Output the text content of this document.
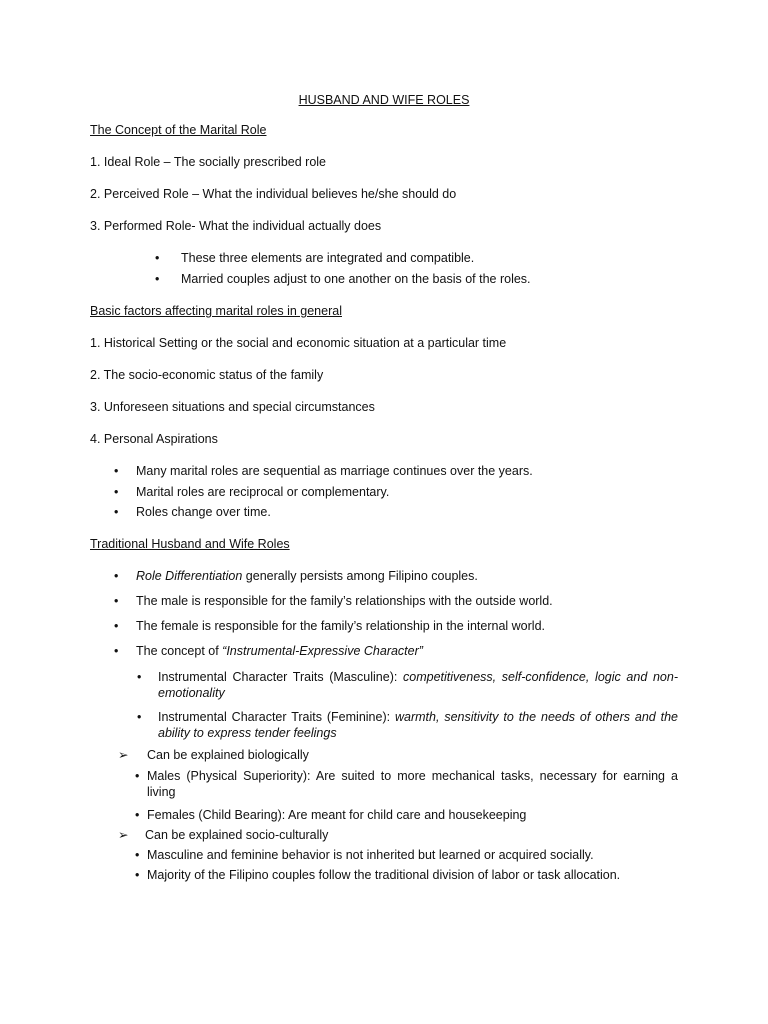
HUSBAND AND WIFE ROLES
The Concept of the Marital Role
1. Ideal Role – The socially prescribed role
2. Perceived Role – What the individual believes he/she should do
3. Performed Role- What the individual actually does
• These three elements are integrated and compatible.
• Married couples adjust to one another on the basis of the roles.
Basic factors affecting marital roles in general
1. Historical Setting or the social and economic situation at a particular time
2. The socio-economic status of the family
3. Unforeseen situations and special circumstances
4. Personal Aspirations
• Many marital roles are sequential as marriage continues over the years.
• Marital roles are reciprocal or complementary.
• Roles change over time.
Traditional Husband and Wife Roles
• Role Differentiation generally persists among Filipino couples.
• The male is responsible for the family’s relationships with the outside world.
• The female is responsible for the family’s relationship in the internal world.
• The concept of “Instrumental-Expressive Character”
• Instrumental Character Traits (Masculine): competitiveness, self-confidence, logic and non-emotionality
• Instrumental Character Traits (Feminine): warmth, sensitivity to the needs of others and the ability to express tender feelings
➢ Can be explained biologically
• Males (Physical Superiority): Are suited to more mechanical tasks, necessary for earning a living
• Females (Child Bearing): Are meant for child care and housekeeping
➢ Can be explained socio-culturally
• Masculine and feminine behavior is not inherited but learned or acquired socially.
• Majority of the Filipino couples follow the traditional division of labor or task allocation.
